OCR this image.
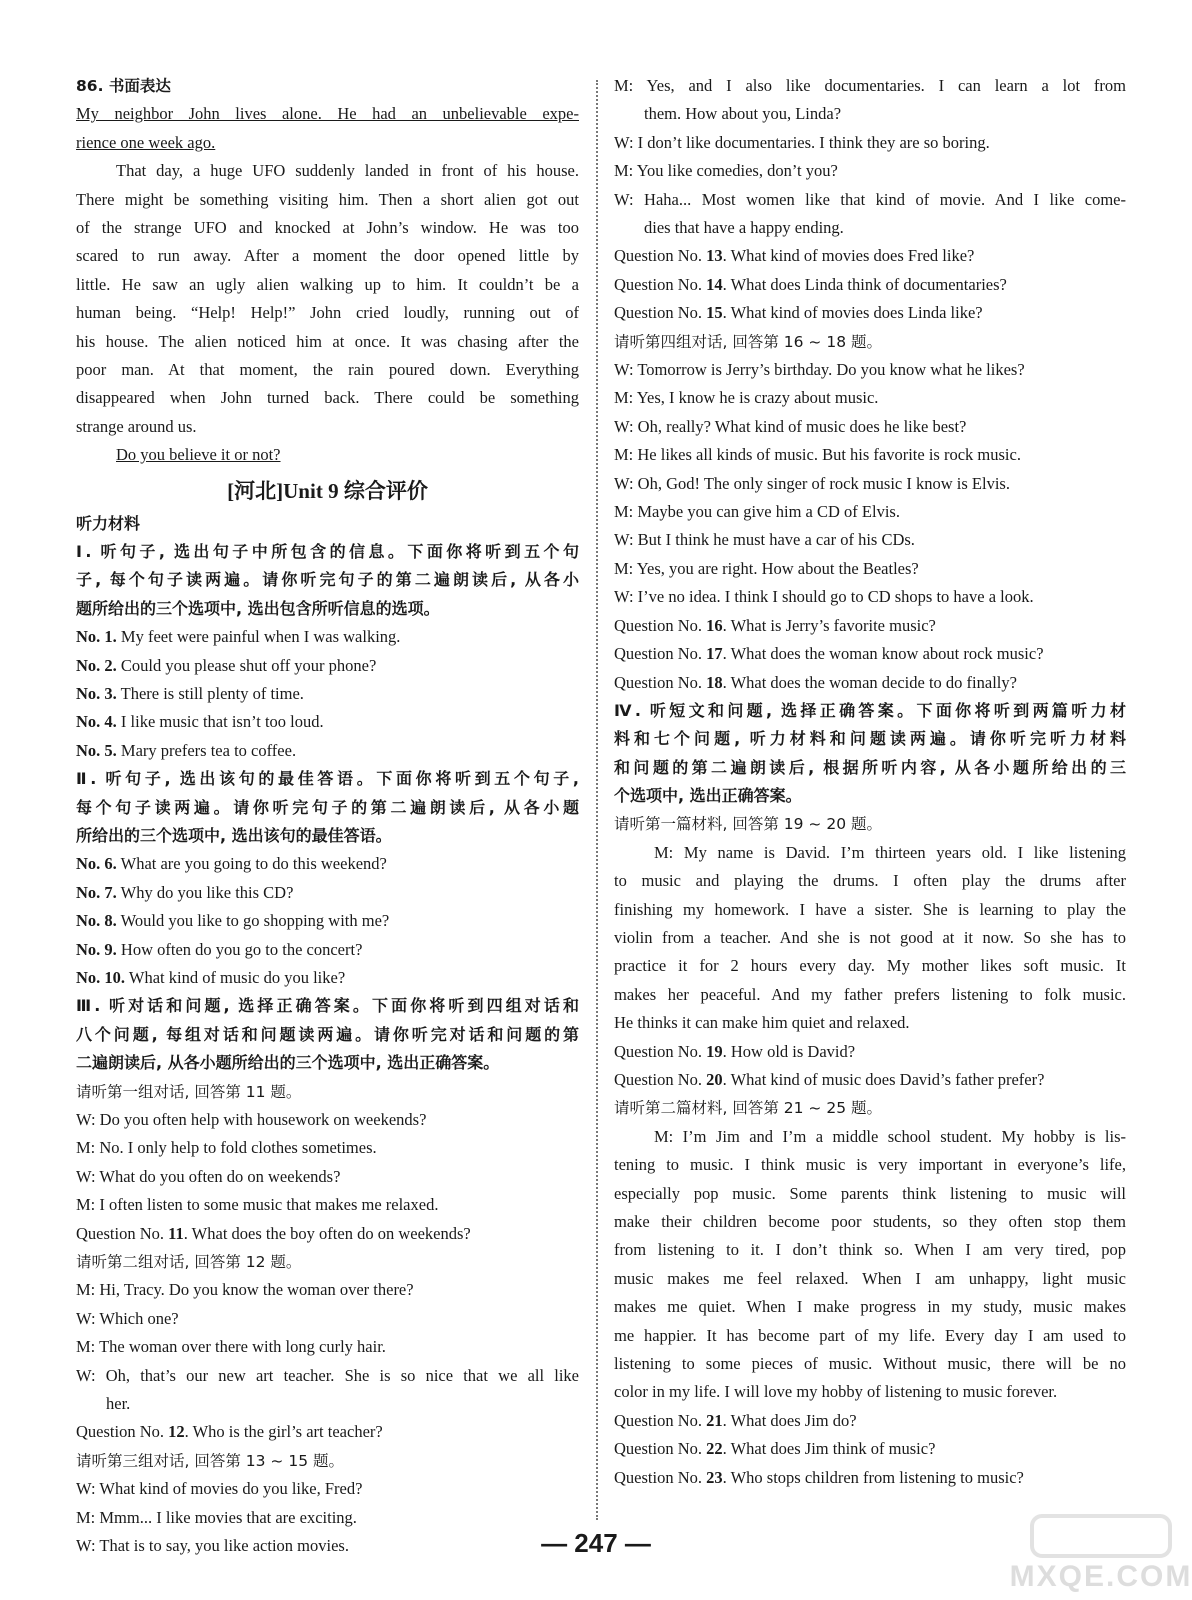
86. 书面表达
My neighbor John lives alone. He had an unbelievable expe-
rience one week ago.
That day, a huge UFO suddenly landed in front of his house.
There might be something visiting him. Then a short alien got out
of the strange UFO and knocked at John’s window. He was too
scared to run away. After a moment the door opened little by
little. He saw an ugly alien walking up to him. It couldn’t be a
human being. “Help! Help!” John cried loudly, running out of
his house. The alien noticed him at once. It was chasing after the
poor man. At that moment, the rain poured down. Everything
disappeared when John turned back. There could be something
strange around us.
Do you believe it or not?
[河北]Unit 9 综合评价
听力材料
Ⅰ. 听句子, 选出句子中所包含的信息。下面你将听到五个句
子, 每个句子读两遍。请你听完句子的第二遍朗读后, 从各小
题所给出的三个选项中, 选出包含所听信息的选项。
No. 1. My feet were painful when I was walking.
No. 2. Could you please shut off your phone?
No. 3. There is still plenty of time.
No. 4. I like music that isn’t too loud.
No. 5. Mary prefers tea to coffee.
Ⅱ. 听句子, 选出该句的最佳答语。下面你将听到五个句子,
每个句子读两遍。请你听完句子的第二遍朗读后, 从各小题
所给出的三个选项中, 选出该句的最佳答语。
No. 6. What are you going to do this weekend?
No. 7. Why do you like this CD?
No. 8. Would you like to go shopping with me?
No. 9. How often do you go to the concert?
No. 10. What kind of music do you like?
Ⅲ. 听对话和问题, 选择正确答案。下面你将听到四组对话和
八个问题, 每组对话和问题读两遍。请你听完对话和问题的第
二遍朗读后, 从各小题所给出的三个选项中, 选出正确答案。
请听第一组对话, 回答第 11 题。
W: Do you often help with housework on weekends?
M: No. I only help to fold clothes sometimes.
W: What do you often do on weekends?
M: I often listen to some music that makes me relaxed.
Question No. 11. What does the boy often do on weekends?
请听第二组对话, 回答第 12 题。
M: Hi, Tracy. Do you know the woman over there?
W: Which one?
M: The woman over there with long curly hair.
W: Oh, that’s our new art teacher. She is so nice that we all like
her.
Question No. 12. Who is the girl’s art teacher?
请听第三组对话, 回答第 13 ~ 15 题。
W: What kind of movies do you like, Fred?
M: Mmm... I like movies that are exciting.
W: That is to say, you like action movies.
M: Yes, and I also like documentaries. I can learn a lot from
them. How about you, Linda?
W: I don’t like documentaries. I think they are so boring.
M: You like comedies, don’t you?
W: Haha... Most women like that kind of movie. And I like come-
dies that have a happy ending.
Question No. 13. What kind of movies does Fred like?
Question No. 14. What does Linda think of documentaries?
Question No. 15. What kind of movies does Linda like?
请听第四组对话, 回答第 16 ~ 18 题。
W: Tomorrow is Jerry’s birthday. Do you know what he likes?
M: Yes, I know he is crazy about music.
W: Oh, really? What kind of music does he like best?
M: He likes all kinds of music. But his favorite is rock music.
W: Oh, God! The only singer of rock music I know is Elvis.
M: Maybe you can give him a CD of Elvis.
W: But I think he must have a car of his CDs.
M: Yes, you are right. How about the Beatles?
W: I’ve no idea. I think I should go to CD shops to have a look.
Question No. 16. What is Jerry’s favorite music?
Question No. 17. What does the woman know about rock music?
Question No. 18. What does the woman decide to do finally?
Ⅳ. 听短文和问题, 选择正确答案。下面你将听到两篇听力材
料和七个问题, 听力材料和问题读两遍。请你听完听力材料
和问题的第二遍朗读后, 根据所听内容, 从各小题所给出的三
个选项中, 选出正确答案。
请听第一篇材料, 回答第 19 ~ 20 题。
M: My name is David. I’m thirteen years old. I like listening
to music and playing the drums. I often play the drums after
finishing my homework. I have a sister. She is learning to play the
violin from a teacher. And she is not good at it now. So she has to
practice it for 2 hours every day. My mother likes soft music. It
makes her peaceful. And my father prefers listening to folk music.
He thinks it can make him quiet and relaxed.
Question No. 19. How old is David?
Question No. 20. What kind of music does David’s father prefer?
请听第二篇材料, 回答第 21 ~ 25 题。
M: I’m Jim and I’m a middle school student. My hobby is lis-
tening to music. I think music is very important in everyone’s life,
especially pop music. Some parents think listening to music will
make their children become poor students, so they often stop them
from listening to it. I don’t think so. When I am very tired, pop
music makes me feel relaxed. When I am unhappy, light music
makes me quiet. When I make progress in my study, music makes
me happier. It has become part of my life. Every day I am used to
listening to some pieces of music. Without music, there will be no
color in my life. I will love my hobby of listening to music forever.
Question No. 21. What does Jim do?
Question No. 22. What does Jim think of music?
Question No. 23. Who stops children from listening to music?
— 247 —
MXQE.COM
